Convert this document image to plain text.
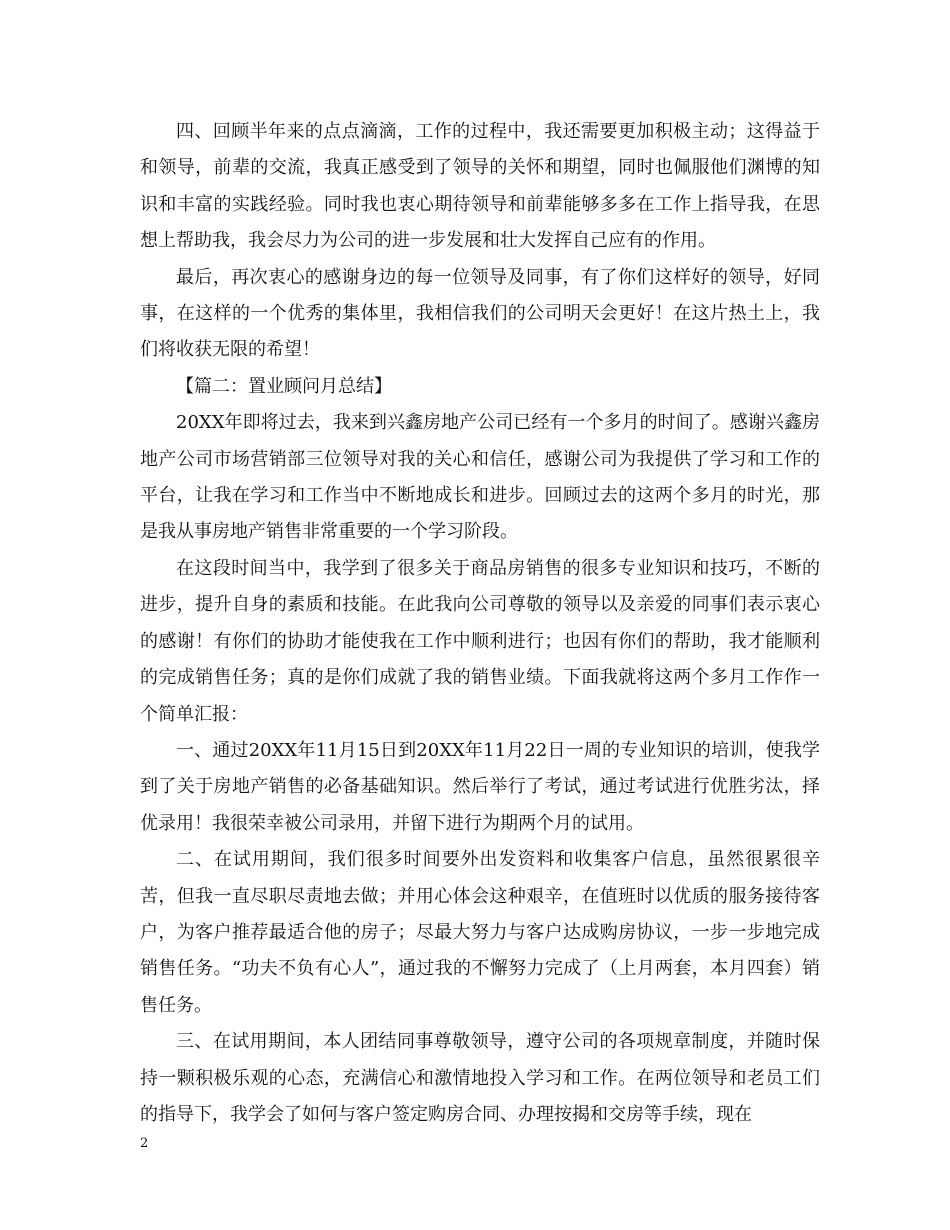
四、回顾半年来的点点滴滴，工作的过程中，我还需要更加积极主动；这得益于和领导，前辈的交流，我真正感受到了领导的关怀和期望，同时也佩服他们渊博的知识和丰富的实践经验。同时我也衷心期待领导和前辈能够多多在工作上指导我，在思想上帮助我，我会尽力为公司的进一步发展和壮大发挥自己应有的作用。

最后，再次衷心的感谢身边的每一位领导及同事，有了你们这样好的领导，好同事，在这样的一个优秀的集体里，我相信我们的公司明天会更好！在这片热土上，我们将收获无限的希望！

【篇二：置业顾问月总结】

20XX年即将过去，我来到兴鑫房地产公司已经有一个多月的时间了。感谢兴鑫房地产公司市场营销部三位领导对我的关心和信任，感谢公司为我提供了学习和工作的平台，让我在学习和工作当中不断地成长和进步。回顾过去的这两个多月的时光，那是我从事房地产销售非常重要的一个学习阶段。

在这段时间当中，我学到了很多关于商品房销售的很多专业知识和技巧，不断的进步，提升自身的素质和技能。在此我向公司尊敬的领导以及亲爱的同事们表示衷心的感谢！有你们的协助才能使我在工作中顺利进行；也因有你们的帮助，我才能顺利的完成销售任务；真的是你们成就了我的销售业绩。下面我就将这两个多月工作作一个简单汇报：

一、通过20XX年11月15日到20XX年11月22日一周的专业知识的培训，使我学到了关于房地产销售的必备基础知识。然后举行了考试，通过考试进行优胜劣汰，择优录用！我很荣幸被公司录用，并留下进行为期两个月的试用。

二、在试用期间，我们很多时间要外出发资料和收集客户信息，虽然很累很辛苦，但我一直尽职尽责地去做；并用心体会这种艰辛，在值班时以优质的服务接待客户，为客户推荐最适合他的房子；尽最大努力与客户达成购房协议，一步一步地完成销售任务。“功夫不负有心人”，通过我的不懈努力完成了（上月两套，本月四套）销售任务。

三、在试用期间，本人团结同事尊敬领导，遵守公司的各项规章制度，并随时保持一颗积极乐观的心态，充满信心和激情地投入学习和工作。在两位领导和老员工们的指导下，我学会了如何与客户签定购房合同、办理按揭和交房等手续，现在

2
